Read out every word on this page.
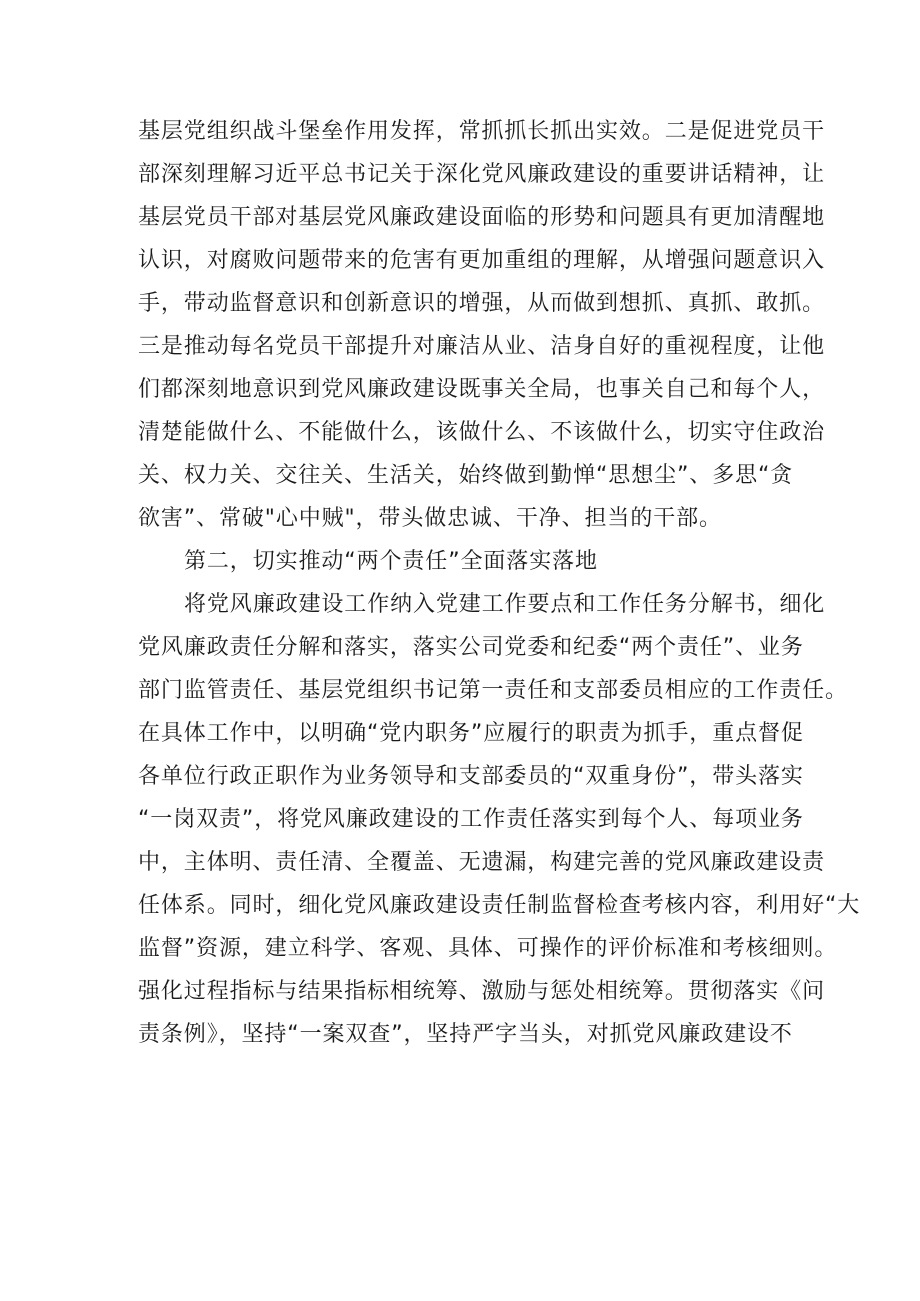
基层党组织战斗堡垒作用发挥，常抓抓长抓出实效。二是促进党员干
部深刻理解习近平总书记关于深化党风廉政建设的重要讲话精神，让
基层党员干部对基层党风廉政建设面临的形势和问题具有更加清醒地
认识，对腐败问题带来的危害有更加重组的理解，从增强问题意识入
手，带动监督意识和创新意识的增强，从而做到想抓、真抓、敢抓。
三是推动每名党员干部提升对廉洁从业、洁身自好的重视程度，让他
们都深刻地意识到党风廉政建设既事关全局，也事关自己和每个人，
清楚能做什么、不能做什么，该做什么、不该做什么，切实守住政治
关、权力关、交往关、生活关，始终做到勤惮“思想尘”、多思“贪
欲害”、常破"心中贼"，带头做忠诚、干净、担当的干部。
第二，切实推动“两个责任”全面落实落地
将党风廉政建设工作纳入党建工作要点和工作任务分解书，细化
党风廉政责任分解和落实，落实公司党委和纪委“两个责任”、业务
部门监管责任、基层党组织书记第一责任和支部委员相应的工作责任。
在具体工作中，以明确“党内职务”应履行的职责为抓手，重点督促
各单位行政正职作为业务领导和支部委员的“双重身份”，带头落实
“一岗双责”，将党风廉政建设的工作责任落实到每个人、每项业务
中，主体明、责任清、全覆盖、无遗漏，构建完善的党风廉政建设责
任体系。同时，细化党风廉政建设责任制监督检查考核内容，利用好“大
监督”资源，建立科学、客观、具体、可操作的评价标准和考核细则。
强化过程指标与结果指标相统筹、激励与惩处相统筹。贯彻落实《问
责条例》，坚持“一案双查”，坚持严字当头，对抓党风廉政建设不
